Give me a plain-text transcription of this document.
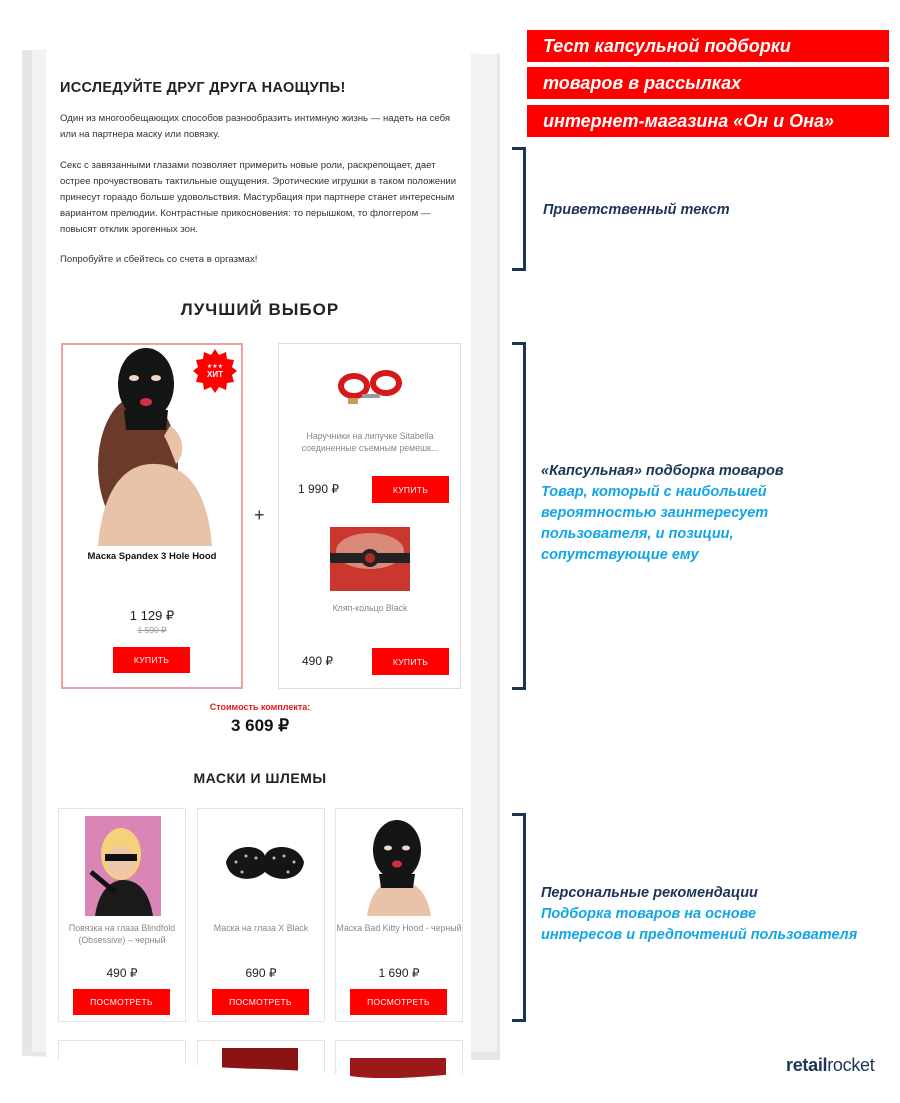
ИССЛЕДУЙТЕ ДРУГ ДРУГА НАОЩУПЬ!
Один из многообещающих способов разнообразить интимную жизнь — надеть на себя или на партнера маску или повязку.
Секс с завязанными глазами позволяет примерить новые роли, раскрепощает, дает острее прочувствовать тактильные ощущения. Эротические игрушки в таком положении принесут гораздо больше удовольствия. Мастурбация при партнере станет интересным вариантом прелюдии. Контрастные прикосновения: то перышком, то флоггером — повысят отклик эрогенных зон.
Попробуйте и сбейтесь со счета в оргазмах!
ЛУЧШИЙ ВЫБОР
★★★
ХИТ
Маска Spandex 3 Hole Hood
1 129 ₽
1 590 ₽
КУПИТЬ
+
Наручники на липучке Sitabella соединенные съемным ремешк...
1 990 ₽	КУПИТЬ
Кляп-кольцо Black
490 ₽	КУПИТЬ
Стоимость комплекта:
3 609 ₽
МАСКИ И ШЛЕМЫ
Повязка на глаза Blindfold (Obsessive) – черный
Маска на глаза X Black	Маска Bad Kitty Hood - черный
490 ₽	690 ₽	1 690 ₽
ПОСМОТРЕТЬ	ПОСМОТРЕТЬ	ПОСМОТРЕТЬ
Тест капсульной подборки
товаров в рассылках
интернет-магазина «Он и Она»
Приветственный текст
«Капсульная» подборка товаров
Товар, который с наибольшей
вероятностью заинтересует
пользователя, и позиции,
сопутствующие ему
Персональные рекомендации
Подборка товаров на основе
интересов и предпочтений пользователя
retailrocket
